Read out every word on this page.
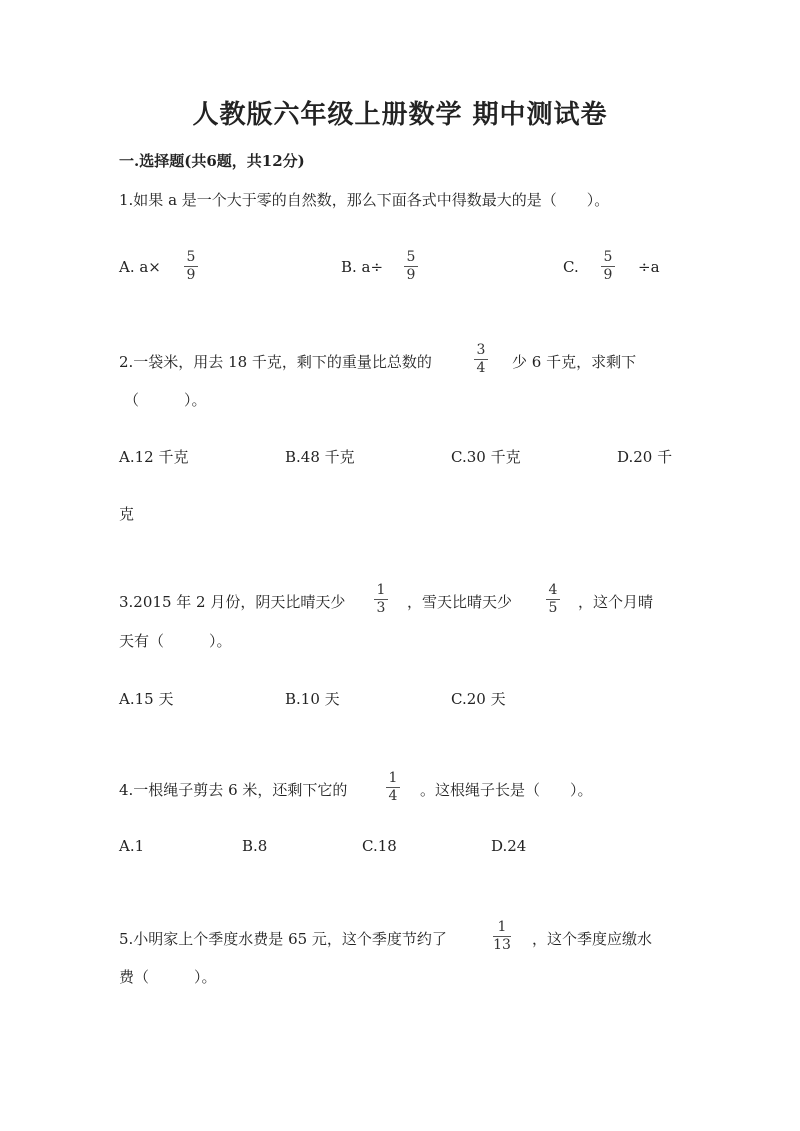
人教版六年级上册数学 期中测试卷
一.选择题(共6题，共12分)
1.如果 a 是一个大于零的自然数，那么下面各式中得数最大的是（　　）。
A. a×
5
9	B. a÷
5
9	C.
5
9	÷a
2.一袋米，用去 18 千克，剩下的重量比总数的
3
4	少 6 千克，求剩下
（　　　）。
A.12 千克	B.48 千克	C.30 千克	D.20 千
克
3.2015 年 2 月份，阴天比晴天少
1
3	，雪天比晴天少
4
5	，这个月晴
天有（　　　）。
A.15 天	B.10 天	C.20 天
4.一根绳子剪去 6 米，还剩下它的
1
4	。这根绳子长是（　　）。
A.1	B.8	C.18	D.24
5.小明家上个季度水费是 65 元，这个季度节约了
1
13 ，这个季度应缴水
费（　　　）。
